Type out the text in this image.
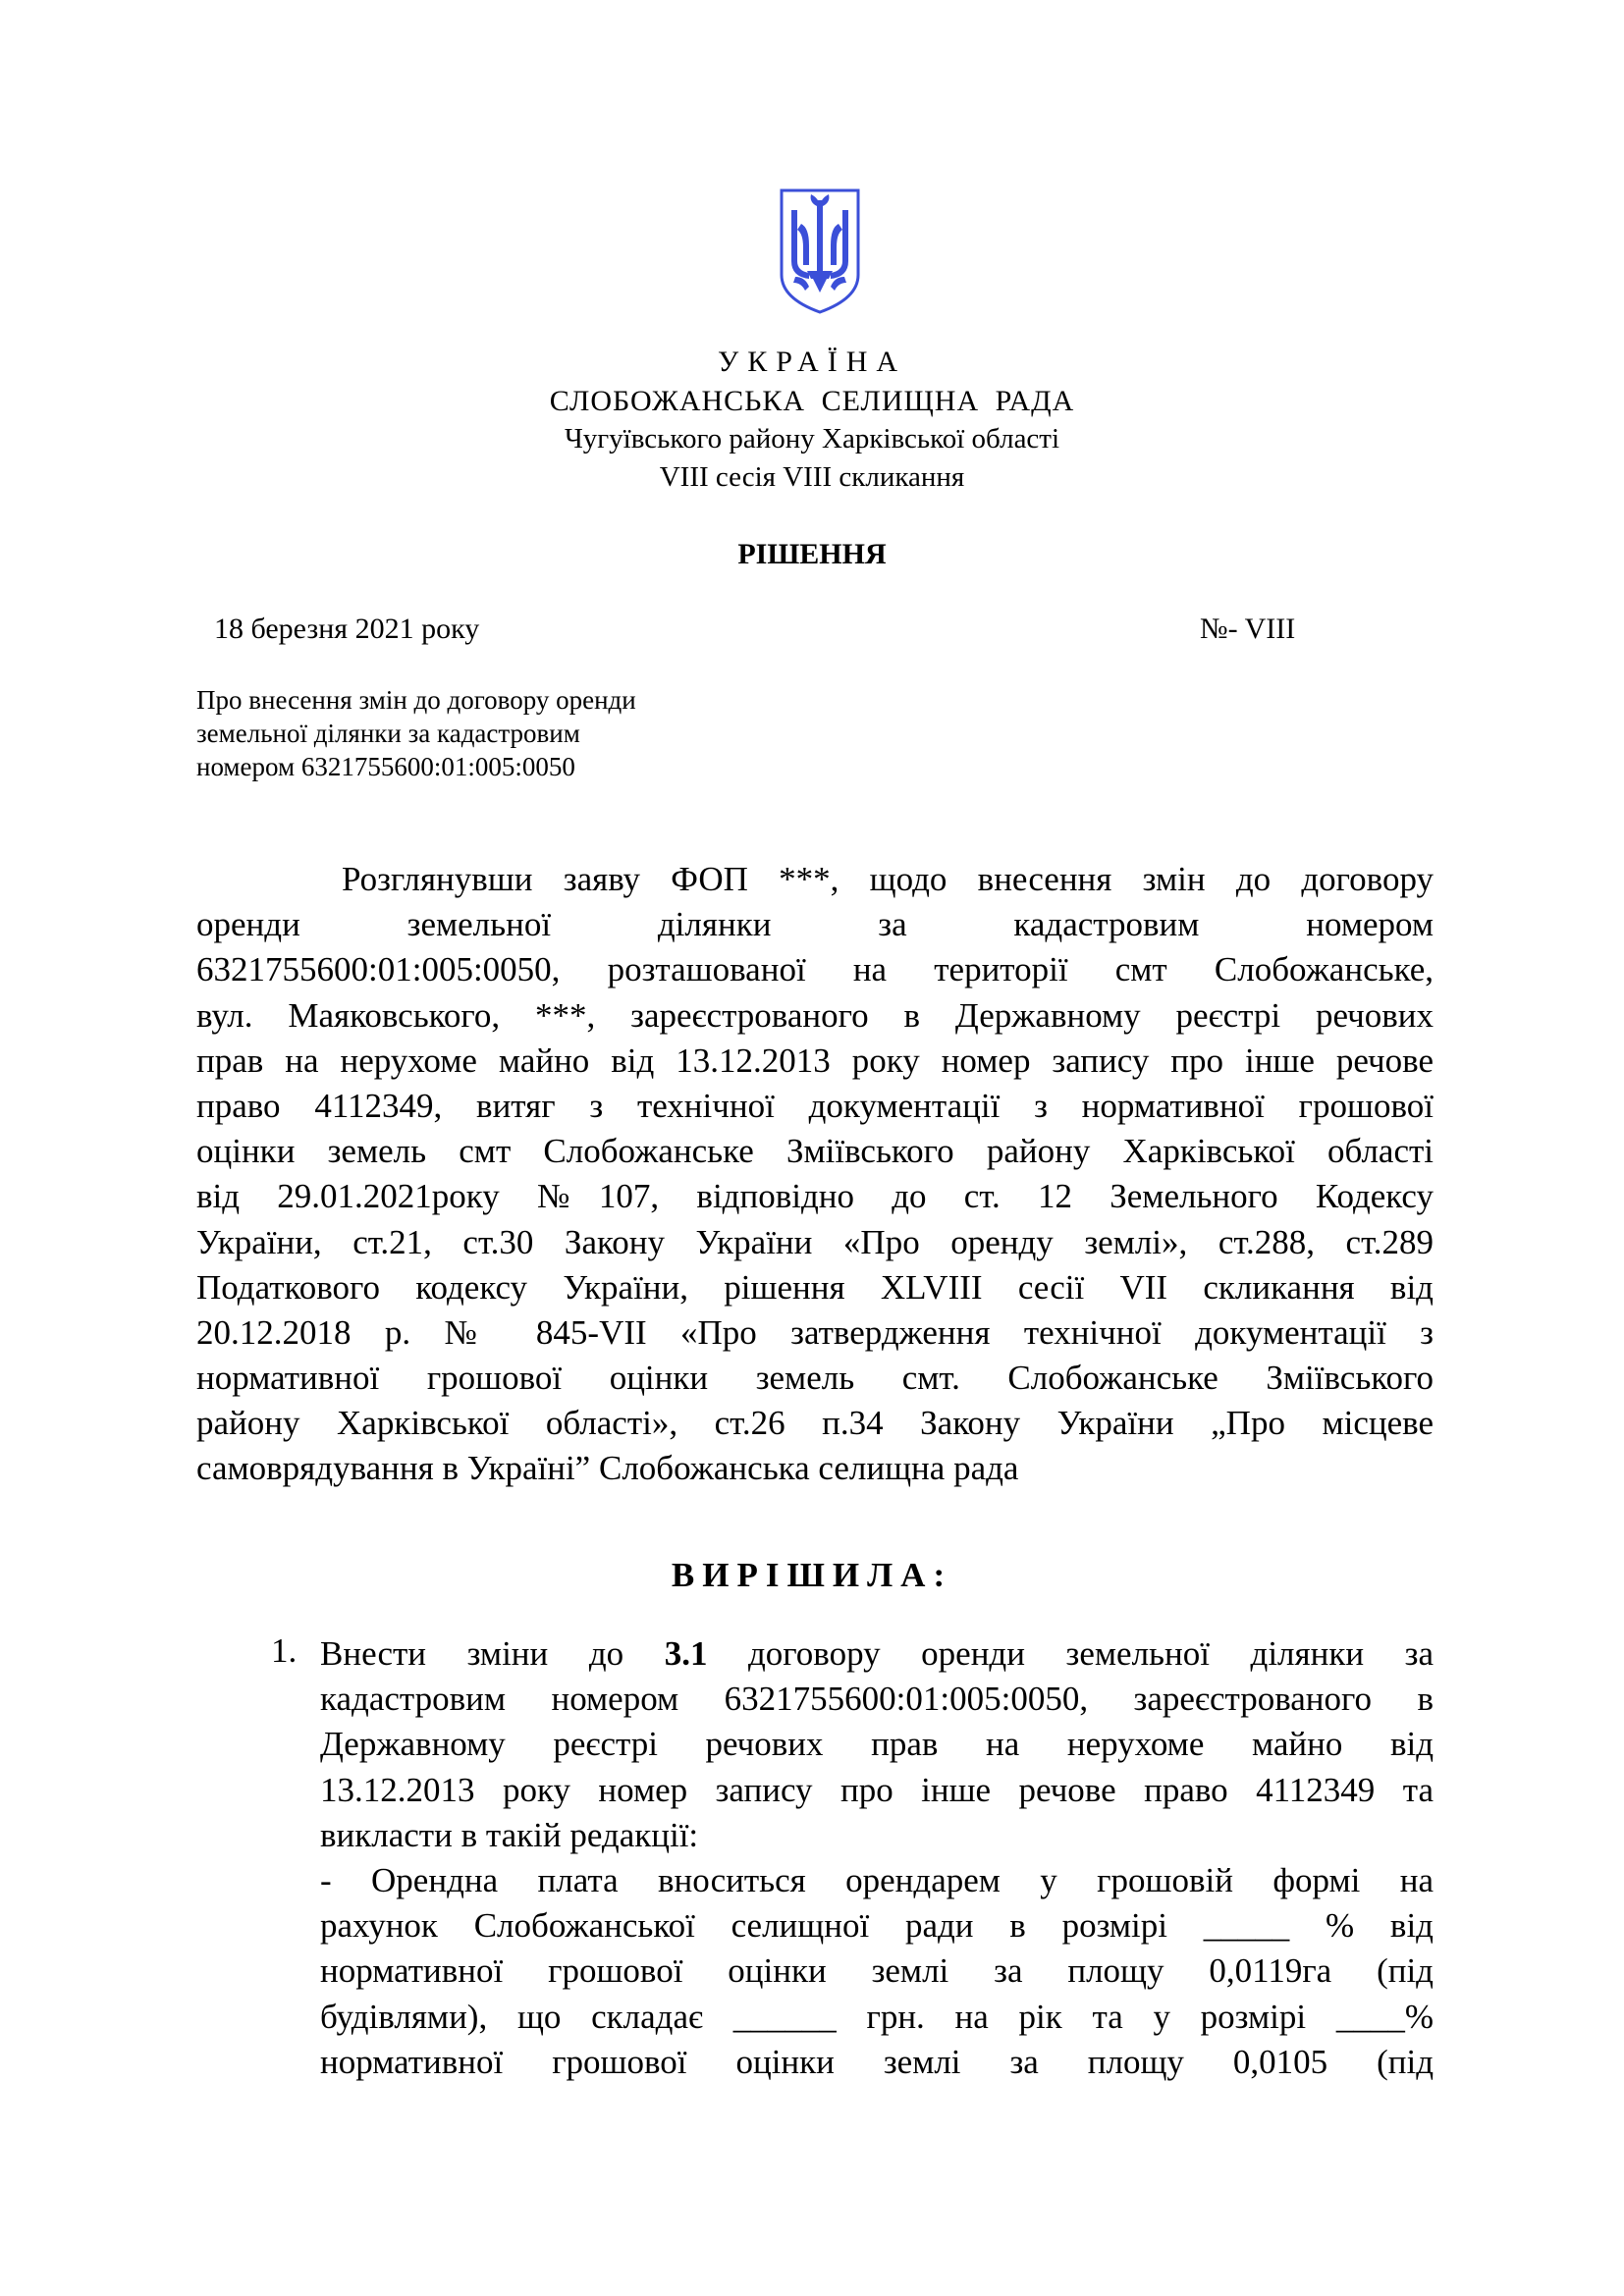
УКРАЇНА
СЛОБОЖАНСЬКА СЕЛИЩНА РАДА
Чугуївського району Харківської області
VIII сесія VIII скликання
РІШЕННЯ
18 березня 2021 року	№- VIII
Про внесення змін до договору оренди
земельної ділянки за кадастровим
номером 6321755600:01:005:0050
Розглянувши заяву ФОП ***, щодо внесення змін до договору
оренди земельної ділянки за кадастровим номером
6321755600:01:005:0050, розташованої на території смт Слобожанське,
вул. Маяковського, ***, зареєстрованого в Державному реєстрі речових
прав на нерухоме майно від 13.12.2013 року номер запису про інше речове
право 4112349, витяг з технічної документації з нормативної грошової
оцінки земель смт Слобожанське Зміївського району Харківської області
від 29.01.2021року №107, відповідно до ст. 12 Земельного Кодексу
України, ст.21, ст.30 Закону України «Про оренду землі», ст.288, ст.289
Податкового кодексу України, рішення XLVIII сесії VII скликання від
20.12.2018 р. № 845-VII «Про затвердження технічної документації з
нормативної грошової оцінки земель смт. Слобожанське Зміївського
району Харківської області», ст.26 п.34 Закону України „Про місцеве
самоврядування в Україні” Слобожанська селищна рада
ВИРІШИЛА:
1. Внести зміни до 3.1 договору оренди земельної ділянки за
кадастровим номером 6321755600:01:005:0050, зареєстрованого в
Державному реєстрі речових прав на нерухоме майно від
13.12.2013 року номер запису про інше речове право 4112349 та
викласти в такій редакції:
- Орендна плата вноситься орендарем у грошовій формі на
рахунок Слобожанської селищної ради в розмірі _____ % від
нормативної грошової оцінки землі за площу 0,0119га (під
будівлями), що складає ______ грн. на рік та у розмірі ____%
нормативної грошової оцінки землі за площу 0,0105 (під
